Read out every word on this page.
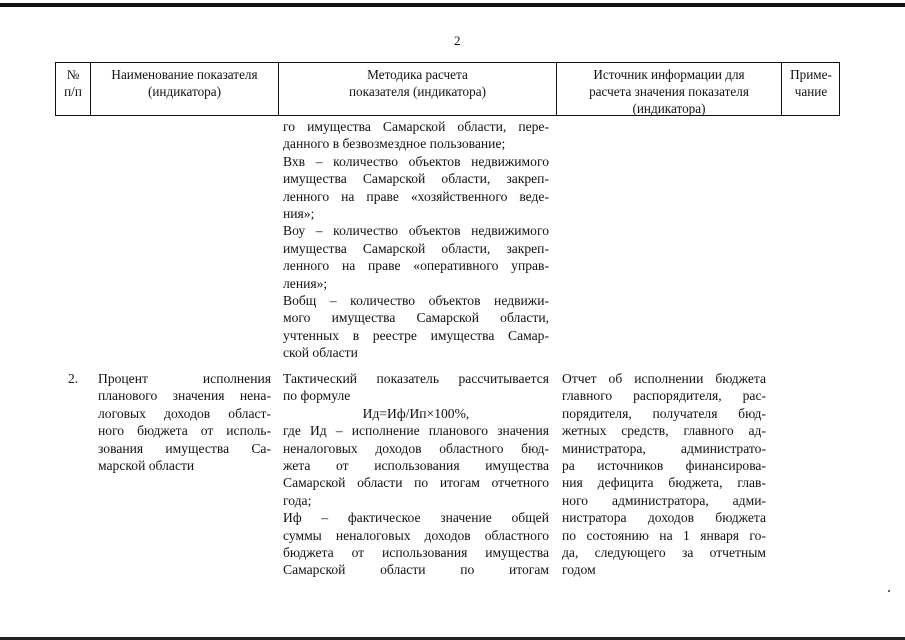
2
№
п/п
Наименование показателя
(индикатора)
Методика расчета
показателя (индикатора)
Источник информации для
расчета значения показателя
(индикатора)
Приме-
чание
го имущества Самарской области, пере-
данного в безвозмездное пользование;
Вхв – количество объектов недвижимого
имущества Самарской области, закреп-
ленного на праве «хозяйственного веде-
ния»;
Воу – количество объектов недвижимого
имущества Самарской области, закреп-
ленного на праве «оперативного управ-
ления»;
Вобщ – количество объектов недвижи-
мого имущества Самарской области,
учтенных в реестре имущества Самар-
ской области
2.	Процент исполнения
планового значения нена-
логовых доходов област-
ного бюджета от исполь-
зования имущества Са-
марской области
Тактический показатель рассчитывается
по формуле
Ид=Иф/Ип×100%,
где Ид – исполнение планового значения
неналоговых доходов областного бюд-
жета от использования имущества
Самарской области по итогам отчетного
года;
Иф – фактическое значение общей
суммы неналоговых доходов областного
бюджета от использования имущества
Самарской области по итогам
Отчет об исполнении бюджета
главного распорядителя, рас-
порядителя, получателя бюд-
жетных средств, главного ад-
министратора, администрато-
ра источников финансирова-
ния дефицита бюджета, глав-
ного администратора, адми-
нистратора доходов бюджета
по состоянию на 1 января го-
да, следующего за отчетным
годом
